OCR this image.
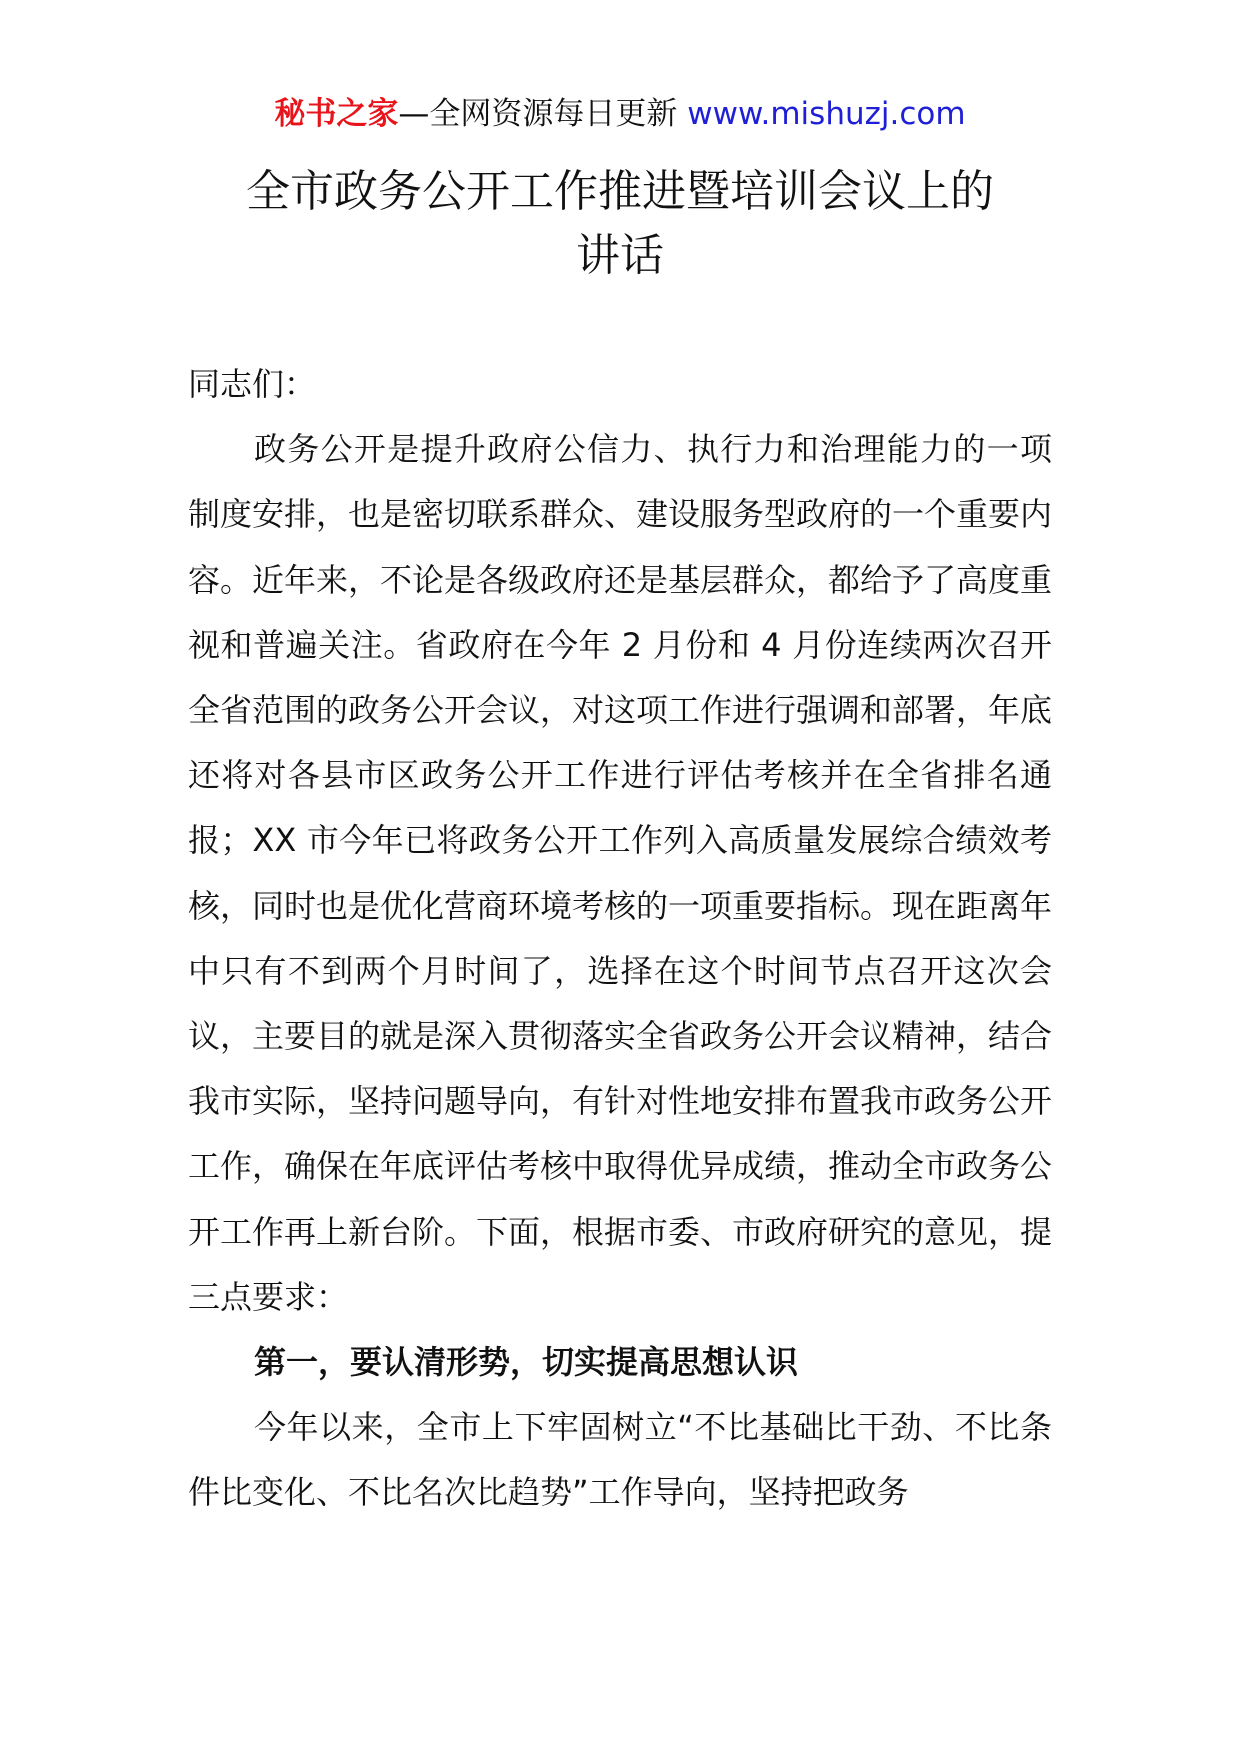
秘书之家—全网资源每日更新 www.mishuzj.com
全市政务公开工作推进暨培训会议上的
讲话

同志们：

政务公开是提升政府公信力、执行力和治理能力的一项制度安排，也是密切联系群众、建设服务型政府的一个重要内容。近年来，不论是各级政府还是基层群众，都给予了高度重视和普遍关注。省政府在今年 2 月份和 4 月份连续两次召开全省范围的政务公开会议，对这项工作进行强调和部署，年底还将对各县市区政务公开工作进行评估考核并在全省排名通报；XX 市今年已将政务公开工作列入高质量发展综合绩效考核，同时也是优化营商环境考核的一项重要指标。现在距离年中只有不到两个月时间了，选择在这个时间节点召开这次会议，主要目的就是深入贯彻落实全省政务公开会议精神，结合我市实际，坚持问题导向，有针对性地安排布置我市政务公开工作，确保在年底评估考核中取得优异成绩，推动全市政务公开工作再上新台阶。下面，根据市委、市政府研究的意见，提三点要求：

第一，要认清形势，切实提高思想认识

今年以来，全市上下牢固树立“不比基础比干劲、不比条件比变化、不比名次比趋势”工作导向，坚持把政务
